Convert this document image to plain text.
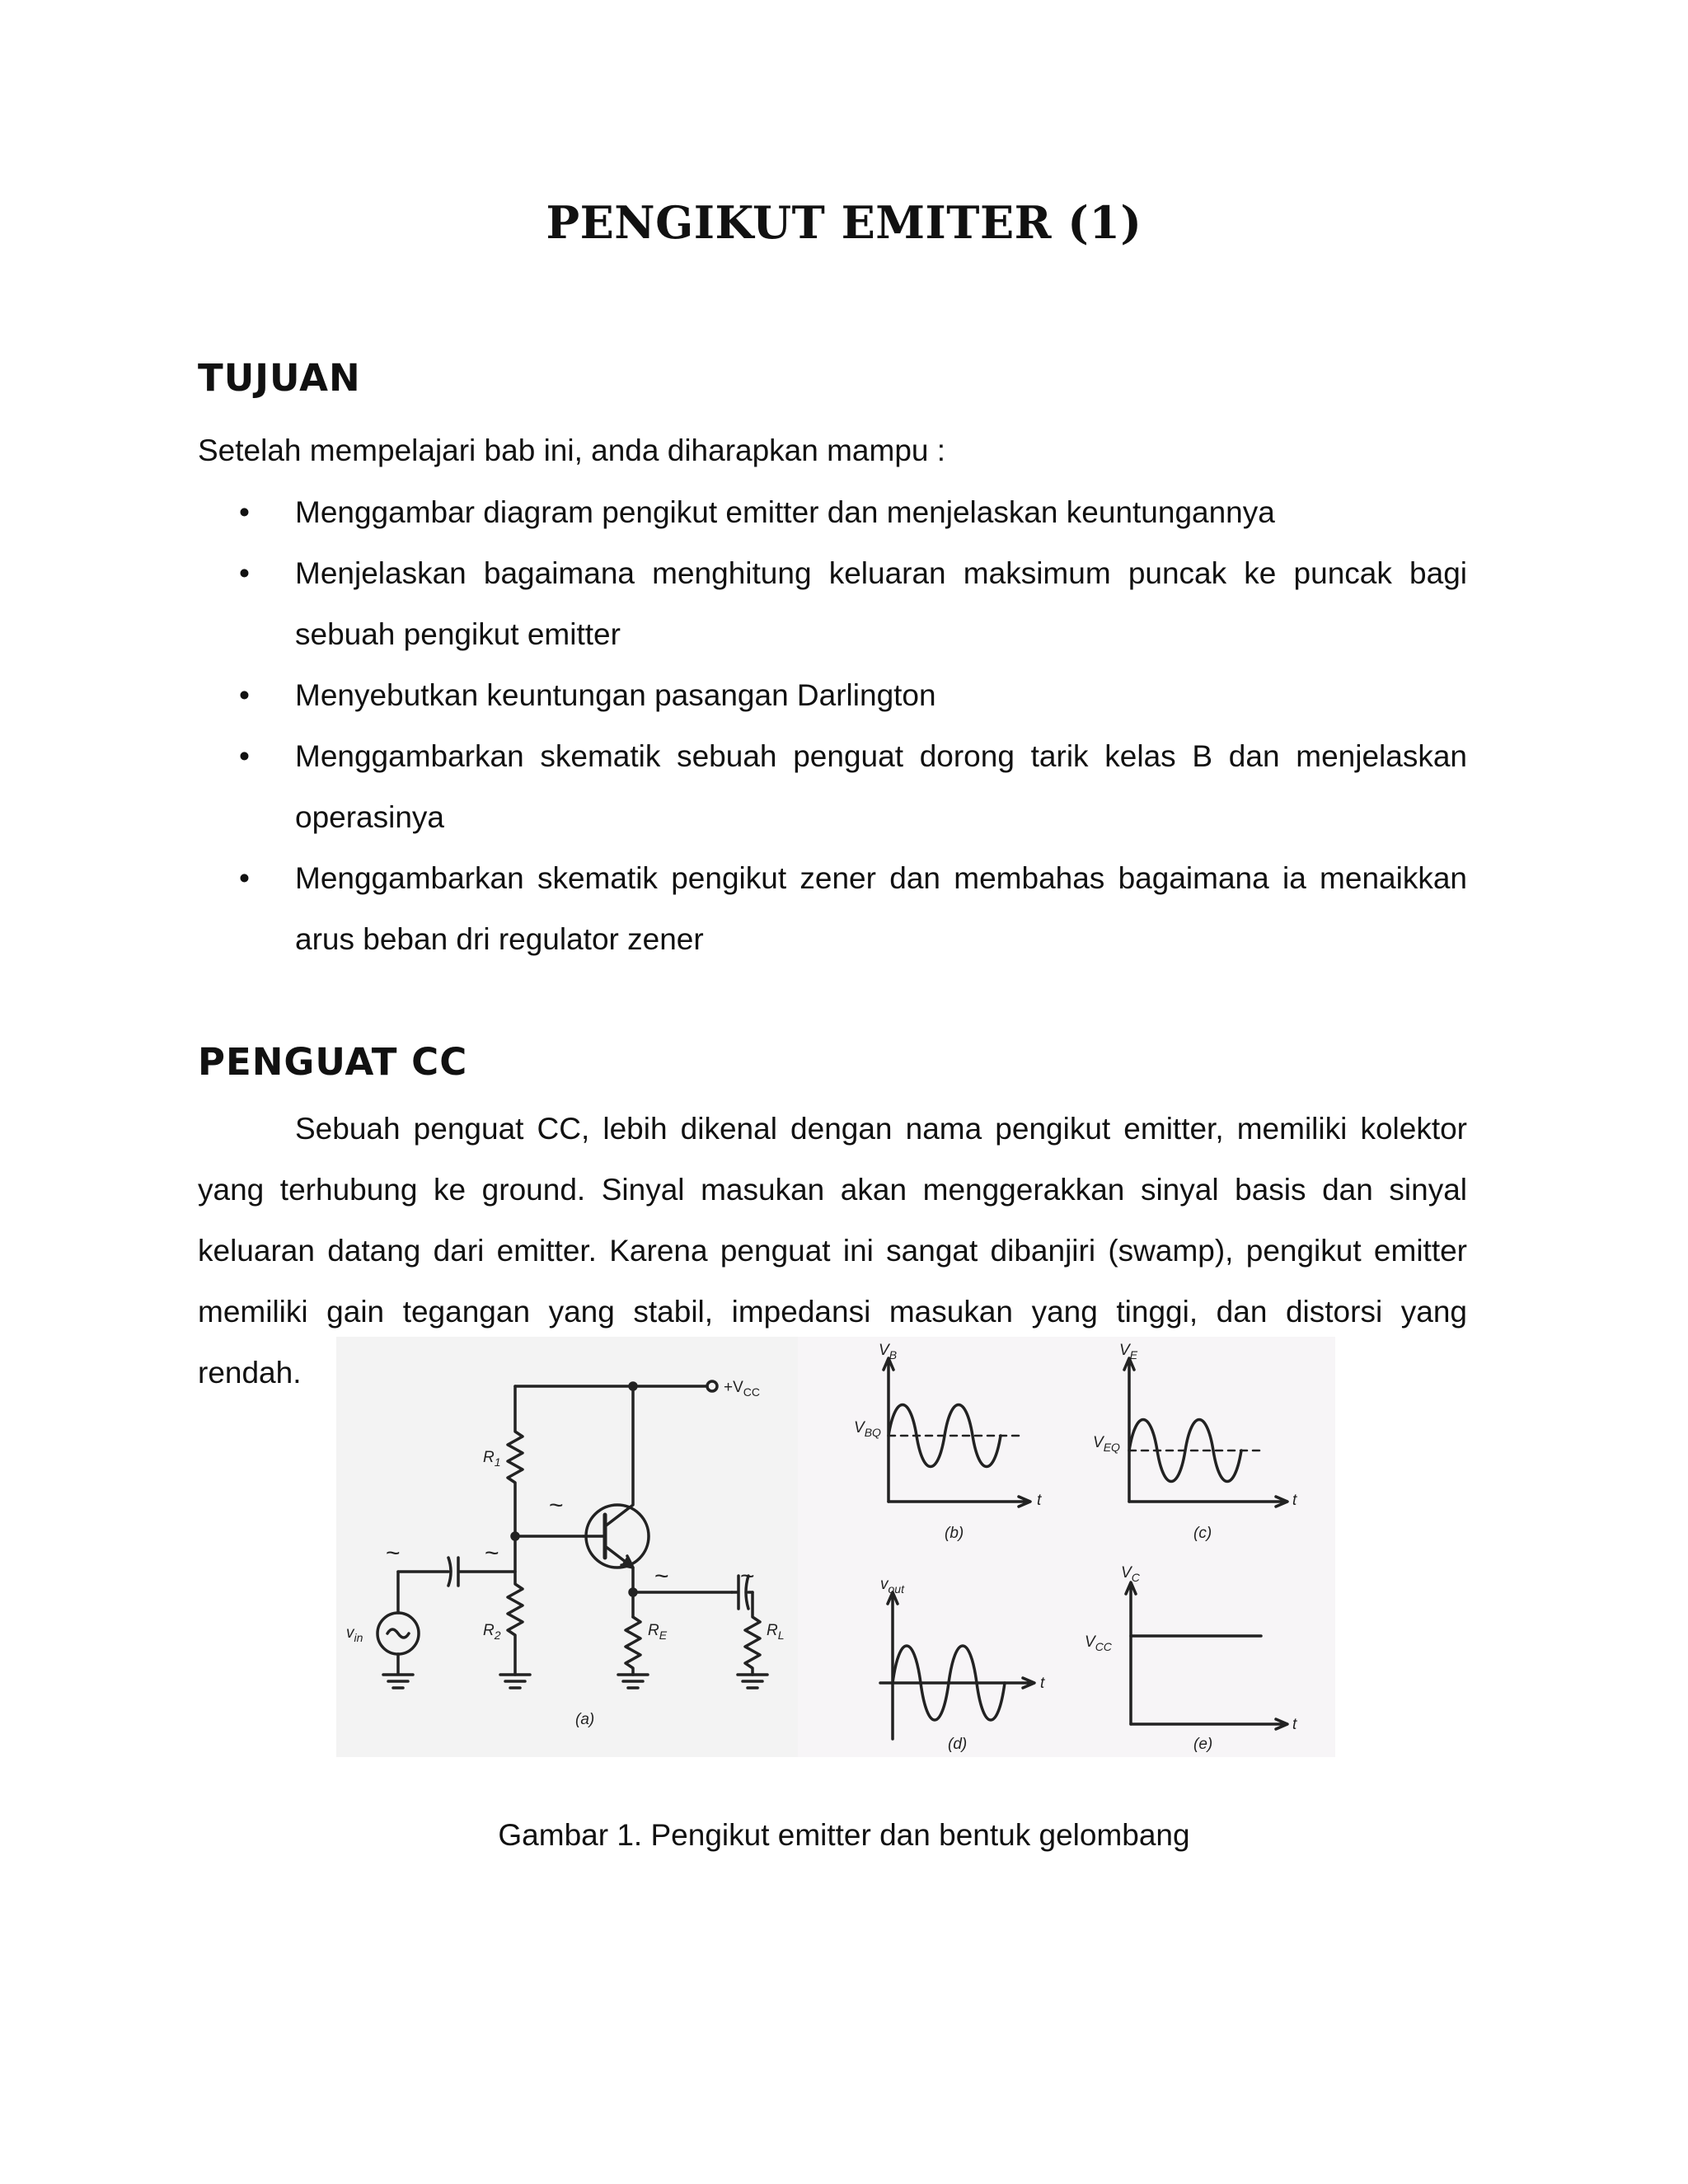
PENGIKUT EMITER (1)
TUJUAN
Setelah mempelajari bab ini, anda diharapkan mampu :
• Menggambar diagram pengikut emitter dan menjelaskan keuntungannya
• Menjelaskan bagaimana menghitung keluaran maksimum puncak ke puncak bagi sebuah pengikut emitter
• Menyebutkan keuntungan pasangan Darlington
• Menggambarkan skematik sebuah penguat dorong tarik kelas B dan menjelaskan operasinya
• Menggambarkan skematik pengikut zener dan membahas bagaimana ia menaikkan arus beban dri regulator zener
PENGUAT CC

Sebuah penguat CC, lebih dikenal dengan nama pengikut emitter, memiliki kolektor yang terhubung ke ground. Sinyal masukan akan menggerakkan sinyal basis dan sinyal keluaran datang dari emitter. Karena penguat ini sangat dibanjiri (swamp), pengikut emitter memiliki gain tegangan yang stabil, impedansi masukan yang tinggi, dan distorsi yang rendah.	$+V_{CC}$
$R_1$
$R_2$	$R_E$	$R_L$
$v_{in}$
~
~	~
~	~
(a)
$V_B$
$V_{BQ}$
t
(b)
$V_E$
$V_{EQ}$
t
(c)
$v_{out}$
t
(d)
$V_C$
$V_{CC}$
t
(e)
Gambar 1. Pengikut emitter dan bentuk gelombang
